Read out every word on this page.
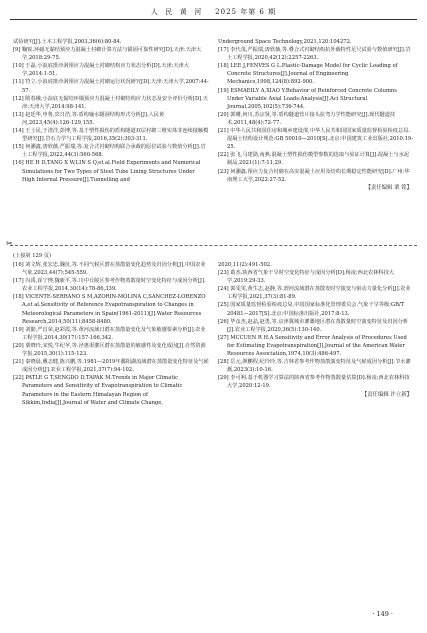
人  民  黄  河 2025 年第 6 期

试验研究[J].土木工程学报,2003,36(6):80-84.

[9] 鞠锐.环磁无黏结预应力混凝土衬砌计算方法与锚固可靠性研究[D].天津:天津大学,2018:29-75.

[10] 王磊.小浪底排沙洞预应力混凝土衬砌结构应力状态分析[D].天津:天津大学,2014:1-51.

[11] 符立.小浪底排沙洞预应力混凝土衬砌运行状况研究[D].天津:天津大学,2007:44-57.

[12] 隋春娥.小浪底无黏结环锚预应力混凝土衬砌结构应力状态及安全评价分析[D].天津:天津大学,2014:98-141.

[13] 赵廷华,申鲁,宾日浩,等.盾构输水隧洞结构形式分析[J].人民黄河,2023,45(4):126-129,155.

[14] 王士民,于清洋,彭博,等.基于塑性损伤的盾构隧道双层衬砌三维实体非连续接触模型研究[J].岩石力学与工程学报,2016,35(2):303-311.

[15] 何灏鑫,唐欣薇,严振瑞,等.复合式衬砌结构联合承载的原位试验与数值分析[J].岩土工程学报,2022,44(3):560-568.

[16] HE H D,TANG X W,LIN S Q,et al.Field Experiments and Numerical Simulations for Two Types of Steel Tube Lining Structures Under High Internal Pressure[J].Tunnelling and

Underground Space Technology,2021,120:104272.

[17] 李代茂,严振瑞,唐欣薇,等.叠合式衬砌结构抗外载特性足尺试验与数值研究[J].岩土工程学报,2020,42(12):2257-2263.

[18] LEE J,FENVES G L.Plastic-Damage Model for Cyclic Loading of Concrete Structures[J].Journal of Engineering Mechanics,1998,124(8):892-900.

[19] ESMAEILY A,XIAO Y.Behavior of Reinforced Concrete Columns Under Variable Axial Loads:Analysis[J].Aci Structural Journal,2005,102(5):736-744.

[20] 郭珊,何川,苏宗贤,等.盾构隧道管片接头抗弯力学性能研究[J].现代隧道技术,2011,48(4):72-77.

[21] 中华人民共和国住房和城乡建设部,中华人民共和国国家质量监督检验检疫总局.混凝土结构设计规范:GB 50010—2010[S].北京:中国建筑工业出版社,2010:19-25.

[22] 张飞,马建勋,南燕.混凝土塑性损伤模型参数的选取与验证计算[J].混凝土与水泥制品,2021(1):7-11,29.

[23] 何灏鑫.预应力复合衬砌在高实混凝土应用及结构长期稳定性能研究[D].广州:华南理工大学,2022:27-52.

【责任编辑 栗 铭】

✂
(上接第 129 页)

[16] 刘文辉,张宏忠,魏征,等.不同气候区潜在蒸散量变化趋势及归因分析[J].中国农业气象,2023,44(7):545-559.

[17] 冯禹,崔宁博,魏新平,等.川中丘陵区参考作物蒸散量时空变化特征与成因分析[J].农业工程学报,2014,30(14):78-86,339.

[18] VICENTE-SERRANO S M,AZORIN-MOLINA C,SANCHEZ-LORENZO A,et al.Sensitivity of Reference Evapotranspiration to Changes in Meteorological Parameters in Spain(1961-2011)[J].Water Resources Research,2014,50(11):8458-8480.

[19] 刘勤,严昌荣,赵彩霞,等.黄河流域日潜在蒸散量变化及气象敏感要素分析[J].农业工程学报,2014,30(17):157-166,342.

[20] 粟晓玲,宋悦,牛纪苹,等.泾惠渠灌区潜在蒸散量的敏感性及变化成因[J].自然资源学报,2015,30(1):115-123.

[21] 秦晓晨,戴志健,陈兴鹏,等.1981—2019年鄱阳湖流域潜在蒸散量变化特征及气候成因分析[J].农业工程学报,2021,37(7):94-102.

[22] PATLE G T,SENGDO D,TAPAK M.Trends in Major Climatic Parameters and Sensitivity of Evapotranspiration to Climatic Parameters in the Eastern Himalayan Region of Sikkim,India[J].Journal of Water and Climate Change,

2020,11(2):491-502.

[23] 葛杰.陕西省气象干旱时空变化特征与成因分析[D].杨凌:西北农林科技大学,2019:29-33.

[24] 郭雯雯,黄生志,赵静,等.渭河流域潜在蒸散发时空演变与驱动力量化分析[J].农业工程学报,2021,37(3):81-89.

[25] 国家质量监督检验检疫总局,中国国家标准化管理委员会.气象干旱等级:GB/T 20481—2017[S].北京:中国标准出版社,2017:8-13.

[26] 毕彦杰,赵晶,赵勇,等.京津冀城市灌溉地区潜在蒸散量时空演变特征及归因分析[J].农业工程学报,2020,36(5):130-140.

[27] MCCUEN R H.A Sensitivity and Error Analysis of Procedures Used for Estimating Evapotranspiration[J].Journal of the American Water Resources Association,1974,10(3):486-497.

[28] 岳元,颜鹏程,纪玲玲,等.吉林省参考作物蒸散演变特征及气候成因分析[J].节水灌溉,2023(3):10-16.

[29] 李可利.基于机器学习算法的陕西省参考作物蒸散量估算[D].杨凌:西北农林科技大学,2020:12-19.

【责任编辑 许立新】

· 149 ·
